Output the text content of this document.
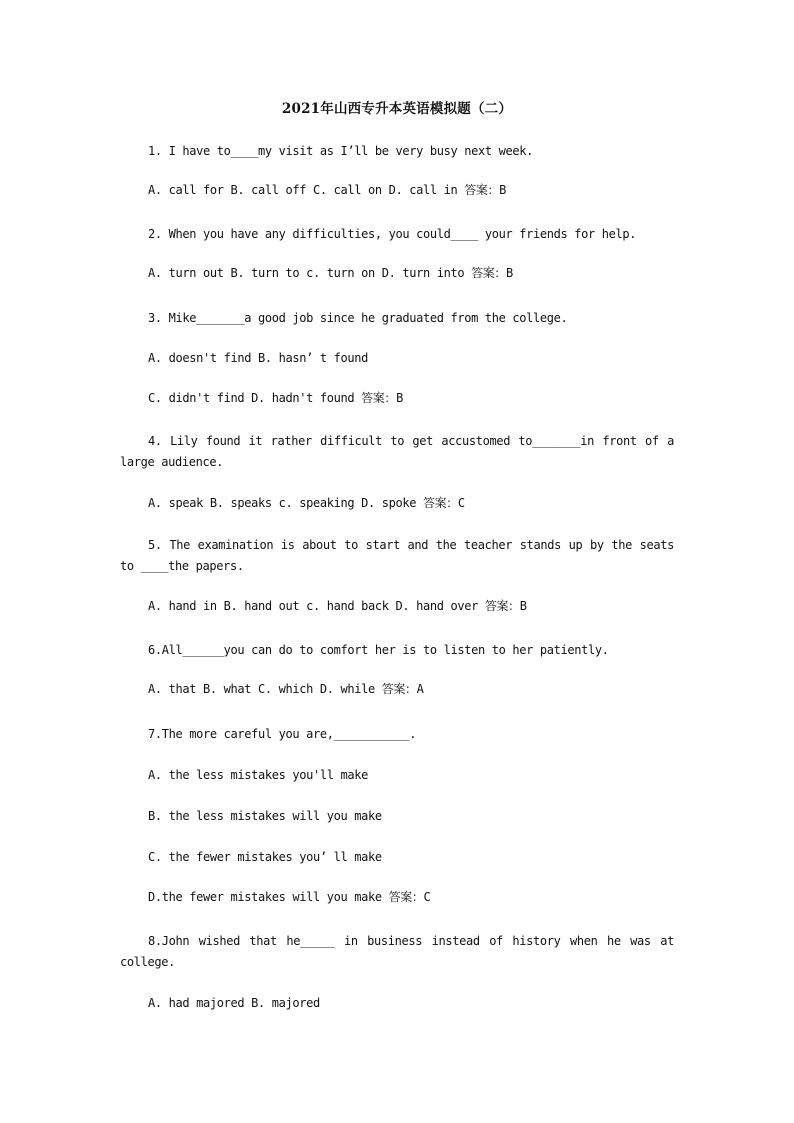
2021年山西专升本英语模拟题（二）
1. I have to____my visit as I’ll be very busy next week.
A. call for B. call off C. call on D. call in 答案：B
2. When you have any difficulties, you could____ your friends for help.
A. turn out B. turn to c. turn on D. turn into 答案：B
3. Mike_______a good job since he graduated from the college.
A. doesn't find B. hasn’ t found
C. didn't find D. hadn't found 答案：B
4. Lily found it rather difficult to get accustomed to_______in front of a large audience.
A. speak B. speaks c. speaking D. spoke 答案：C
5. The examination is about to start and the teacher stands up by the seats to ____the papers.
A. hand in B. hand out c. hand back D. hand over 答案：B
6.All______you can do to comfort her is to listen to her patiently.
A. that B. what C. which D. while 答案：A
7.The more careful you are,___________.
A. the less mistakes you'll make
B. the less mistakes will you make
C. the fewer mistakes you’ ll make
D.the fewer mistakes will you make 答案：C
8.John wished that he_____ in business instead of history when he was at college.
A. had majored B. majored
